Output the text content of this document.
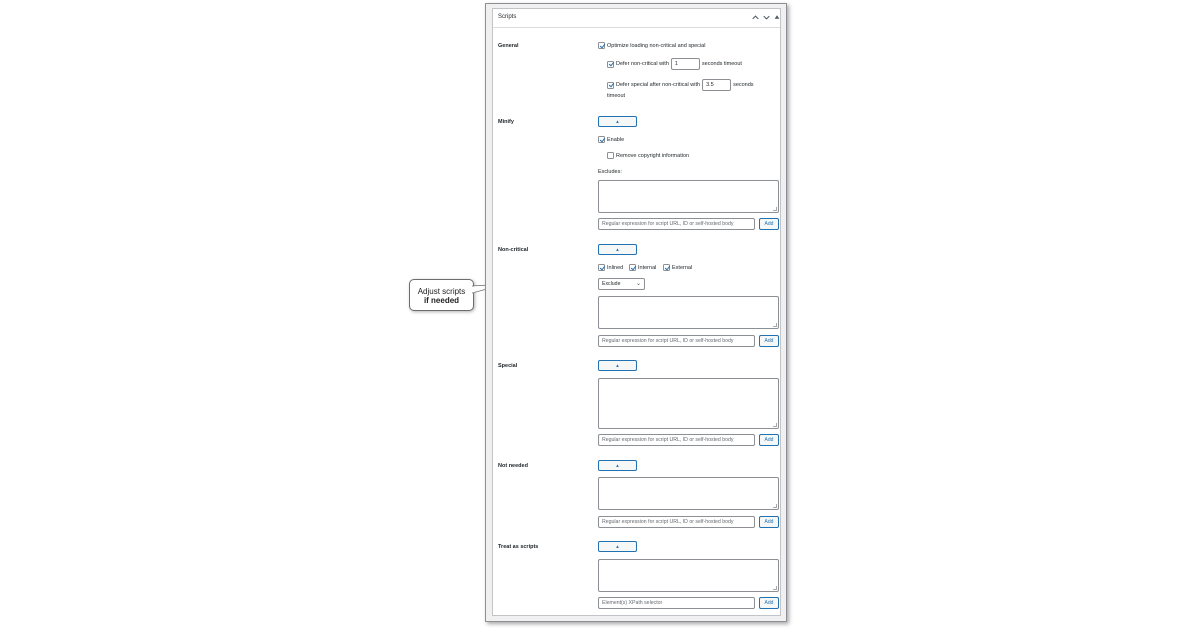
Adjust scripts
if needed
Scripts
General	Optimize loading non-critical and special
Defer non-critical with	1	seconds timeout
Defer special after non-critical with	3.5	seconds
timeout
Minify	▲
Enable
Remove copyright information
Excludes:
Regular expression for script URL, ID or self-hosted body	Add
Non-critical	▲
Inlined	Internal	External
Exclude	⌄
Regular expression for script URL, ID or self-hosted body	Add
Special	▲
Regular expression for script URL, ID or self-hosted body	Add
Not needed	▲
Regular expression for script URL, ID or self-hosted body	Add
Treat as scripts	▲
Element(s) XPath selector	Add
